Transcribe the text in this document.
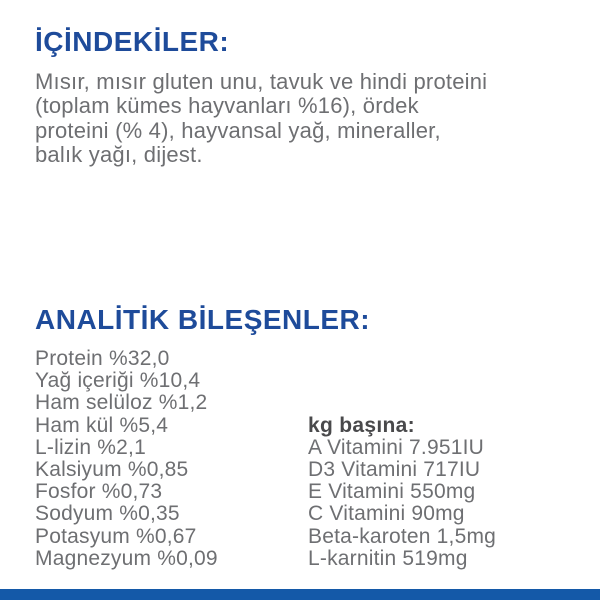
İÇİNDEKİLER:
Mısır, mısır gluten unu, tavuk ve hindi proteini
(toplam kümes hayvanları %16), ördek
proteini (% 4), hayvansal yağ, mineraller,
balık yağı, dijest.
ANALİTİK BİLEŞENLER:
Protein %32,0
Yağ içeriği %10,4
Ham selüloz %1,2
Ham kül %5,4
L-lizin %2,1
Kalsiyum %0,85
Fosfor %0,73
Sodyum %0,35
Potasyum %0,67
Magnezyum %0,09
kg başına:
A Vitamini 7.951IU
D3 Vitamini 717IU
E Vitamini 550mg
C Vitamini 90mg
Beta-karoten 1,5mg
L-karnitin 519mg
